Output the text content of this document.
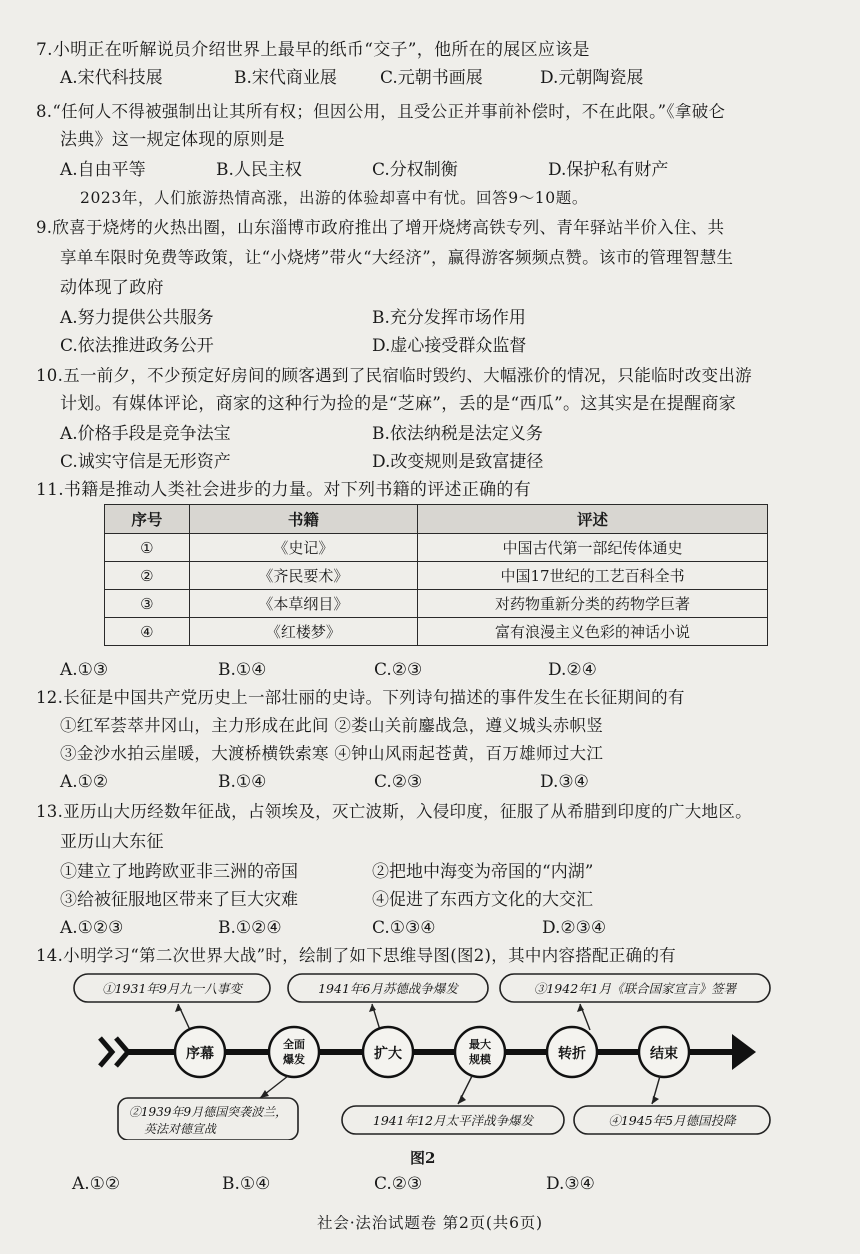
7.小明正在听解说员介绍世界上最早的纸币“交子”，他所在的展区应该是
A.宋代科技展	B.宋代商业展	C.元朝书画展	D.元朝陶瓷展
8.“任何人不得被强制出让其所有权；但因公用，且受公正并事前补偿时，不在此限。”《拿破仑
法典》这一规定体现的原则是
A.自由平等	B.人民主权	C.分权制衡	D.保护私有财产
2023年，人们旅游热情高涨，出游的体验却喜中有忧。回答9～10题。
9.欣喜于烧烤的火热出圈，山东淄博市政府推出了增开烧烤高铁专列、青年驿站半价入住、共
享单车限时免费等政策，让“小烧烤”带火“大经济”，赢得游客频频点赞。该市的管理智慧生
动体现了政府
A.努力提供公共服务	B.充分发挥市场作用
C.依法推进政务公开	D.虚心接受群众监督
10.五一前夕，不少预定好房间的顾客遇到了民宿临时毁约、大幅涨价的情况，只能临时改变出游
计划。有媒体评论，商家的这种行为捡的是“芝麻”，丢的是“西瓜”。这其实是在提醒商家
A.价格手段是竞争法宝	B.依法纳税是法定义务
C.诚实守信是无形资产	D.改变规则是致富捷径
11.书籍是推动人类社会进步的力量。对下列书籍的评述正确的有
序号	书籍	评述
①	《史记》	中国古代第一部纪传体通史
②	《齐民要术》	中国17世纪的工艺百科全书
③	《本草纲目》	对药物重新分类的药物学巨著
④	《红楼梦》	富有浪漫主义色彩的神话小说
A.①③	B.①④	C.②③	D.②④
12.长征是中国共产党历史上一部壮丽的史诗。下列诗句描述的事件发生在长征期间的有
①红军荟萃井冈山，主力形成在此间 ②娄山关前鏖战急，遵义城头赤帜竖
③金沙水拍云崖暖，大渡桥横铁索寒 ④钟山风雨起苍黄，百万雄师过大江
A.①②	B.①④	C.②③	D.③④
13.亚历山大历经数年征战，占领埃及，灭亡波斯，入侵印度，征服了从希腊到印度的广大地区。
亚历山大东征
①建立了地跨欧亚非三洲的帝国	②把地中海变为帝国的“内湖”
③给被征服地区带来了巨大灾难	④促进了东西方文化的大交汇
A.①②③	B.①②④	C.①③④	D.②③④
14.小明学习“第二次世界大战”时，绘制了如下思维导图(图2)，其中内容搭配正确的有
①1931年9月九一八事变	1941年6月苏德战争爆发	③1942年1月《联合国家宣言》签署
序幕
全面
爆发	扩大
最大
规模	转折	结束
②1939年9月德国突袭波兰，
英法对德宣战
1941年12月太平洋战争爆发	④1945年5月德国投降
图2
A.①②	B.①④	C.②③	D.③④
社会·法治试题卷 第2页(共6页)
